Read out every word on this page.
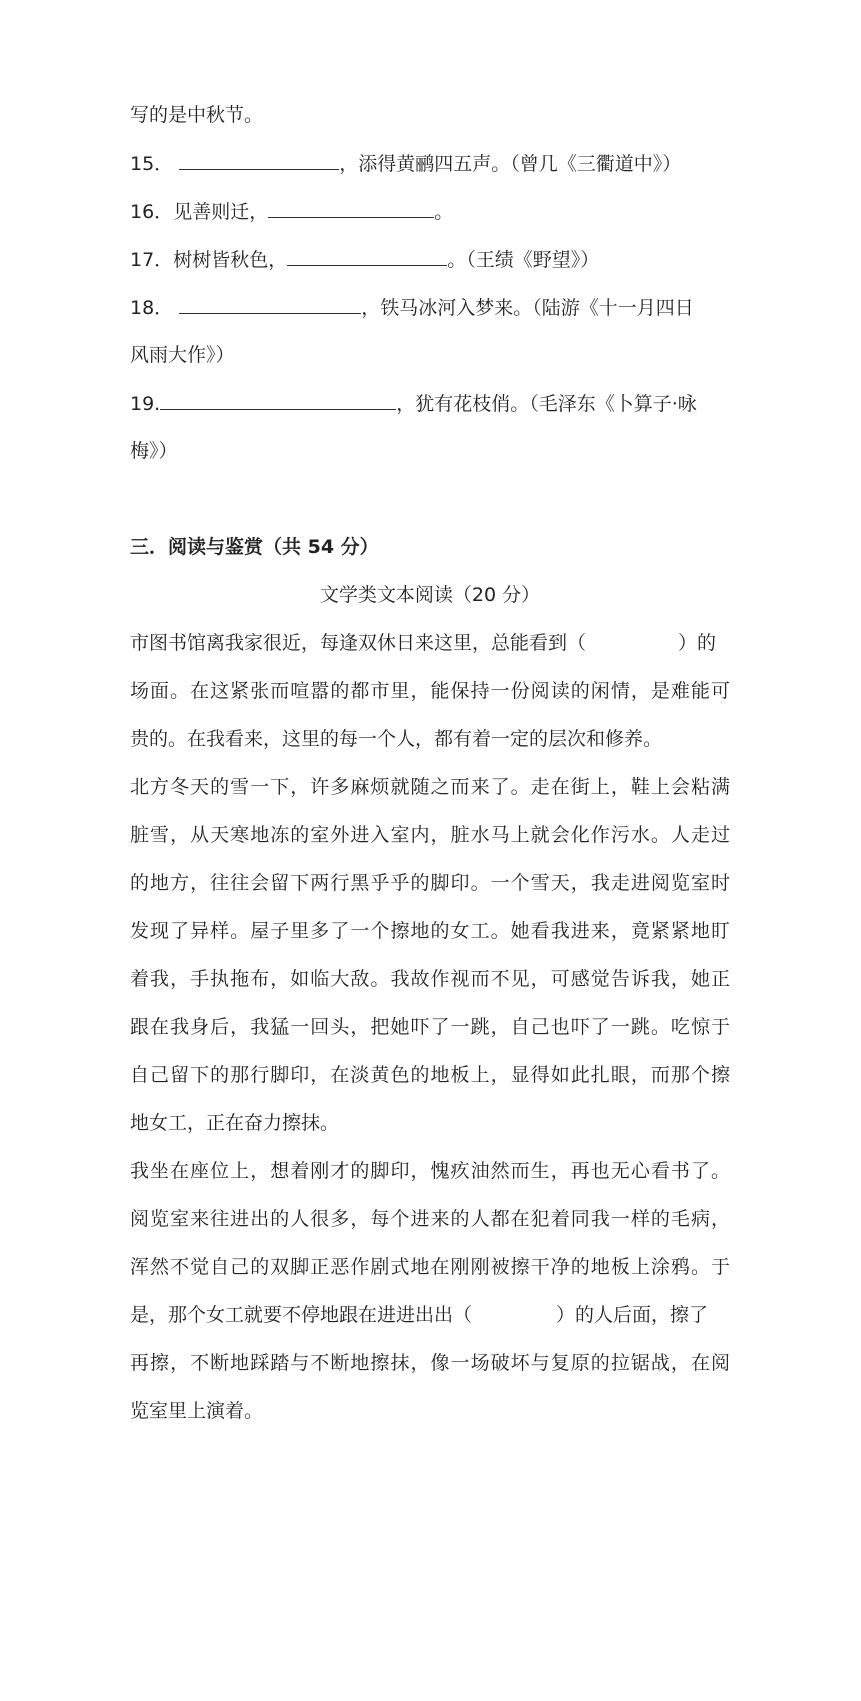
写的是中秋节。
15．	，添得黄鹂四五声。（曾几《三衢道中》）
16．见善则迁，	。
17．树树皆秋色，	。（王绩《野望》）
18．	，铁马冰河入梦来。（陆游《十一月四日
风雨大作》）
19.	，犹有花枝俏。（毛泽东《卜算子·咏
梅》）
三．阅读与鉴赏（共 54 分）
文学类文本阅读（20 分）
市图书馆离我家很近，每逢双休日来这里，总能看到（	）的
场面。在这紧张而喧嚣的都市里，能保持一份阅读的闲情，是难能可
贵的。在我看来，这里的每一个人，都有着一定的层次和修养。
北方冬天的雪一下，许多麻烦就随之而来了。走在街上，鞋上会粘满
脏雪，从天寒地冻的室外进入室内，脏水马上就会化作污水。人走过
的地方，往往会留下两行黑乎乎的脚印。一个雪天，我走进阅览室时
发现了异样。屋子里多了一个擦地的女工。她看我进来，竟紧紧地盯
着我，手执拖布，如临大敌。我故作视而不见，可感觉告诉我，她正
跟在我身后，我猛一回头，把她吓了一跳，自己也吓了一跳。吃惊于
自己留下的那行脚印，在淡黄色的地板上，显得如此扎眼，而那个擦
地女工，正在奋力擦抹。
我坐在座位上，想着刚才的脚印，愧疚油然而生，再也无心看书了。
阅览室来往进出的人很多，每个进来的人都在犯着同我一样的毛病，
浑然不觉自己的双脚正恶作剧式地在刚刚被擦干净的地板上涂鸦。于
是，那个女工就要不停地跟在进进出出（	）的人后面，擦了
再擦，不断地踩踏与不断地擦抹，像一场破坏与复原的拉锯战，在阅
览室里上演着。
